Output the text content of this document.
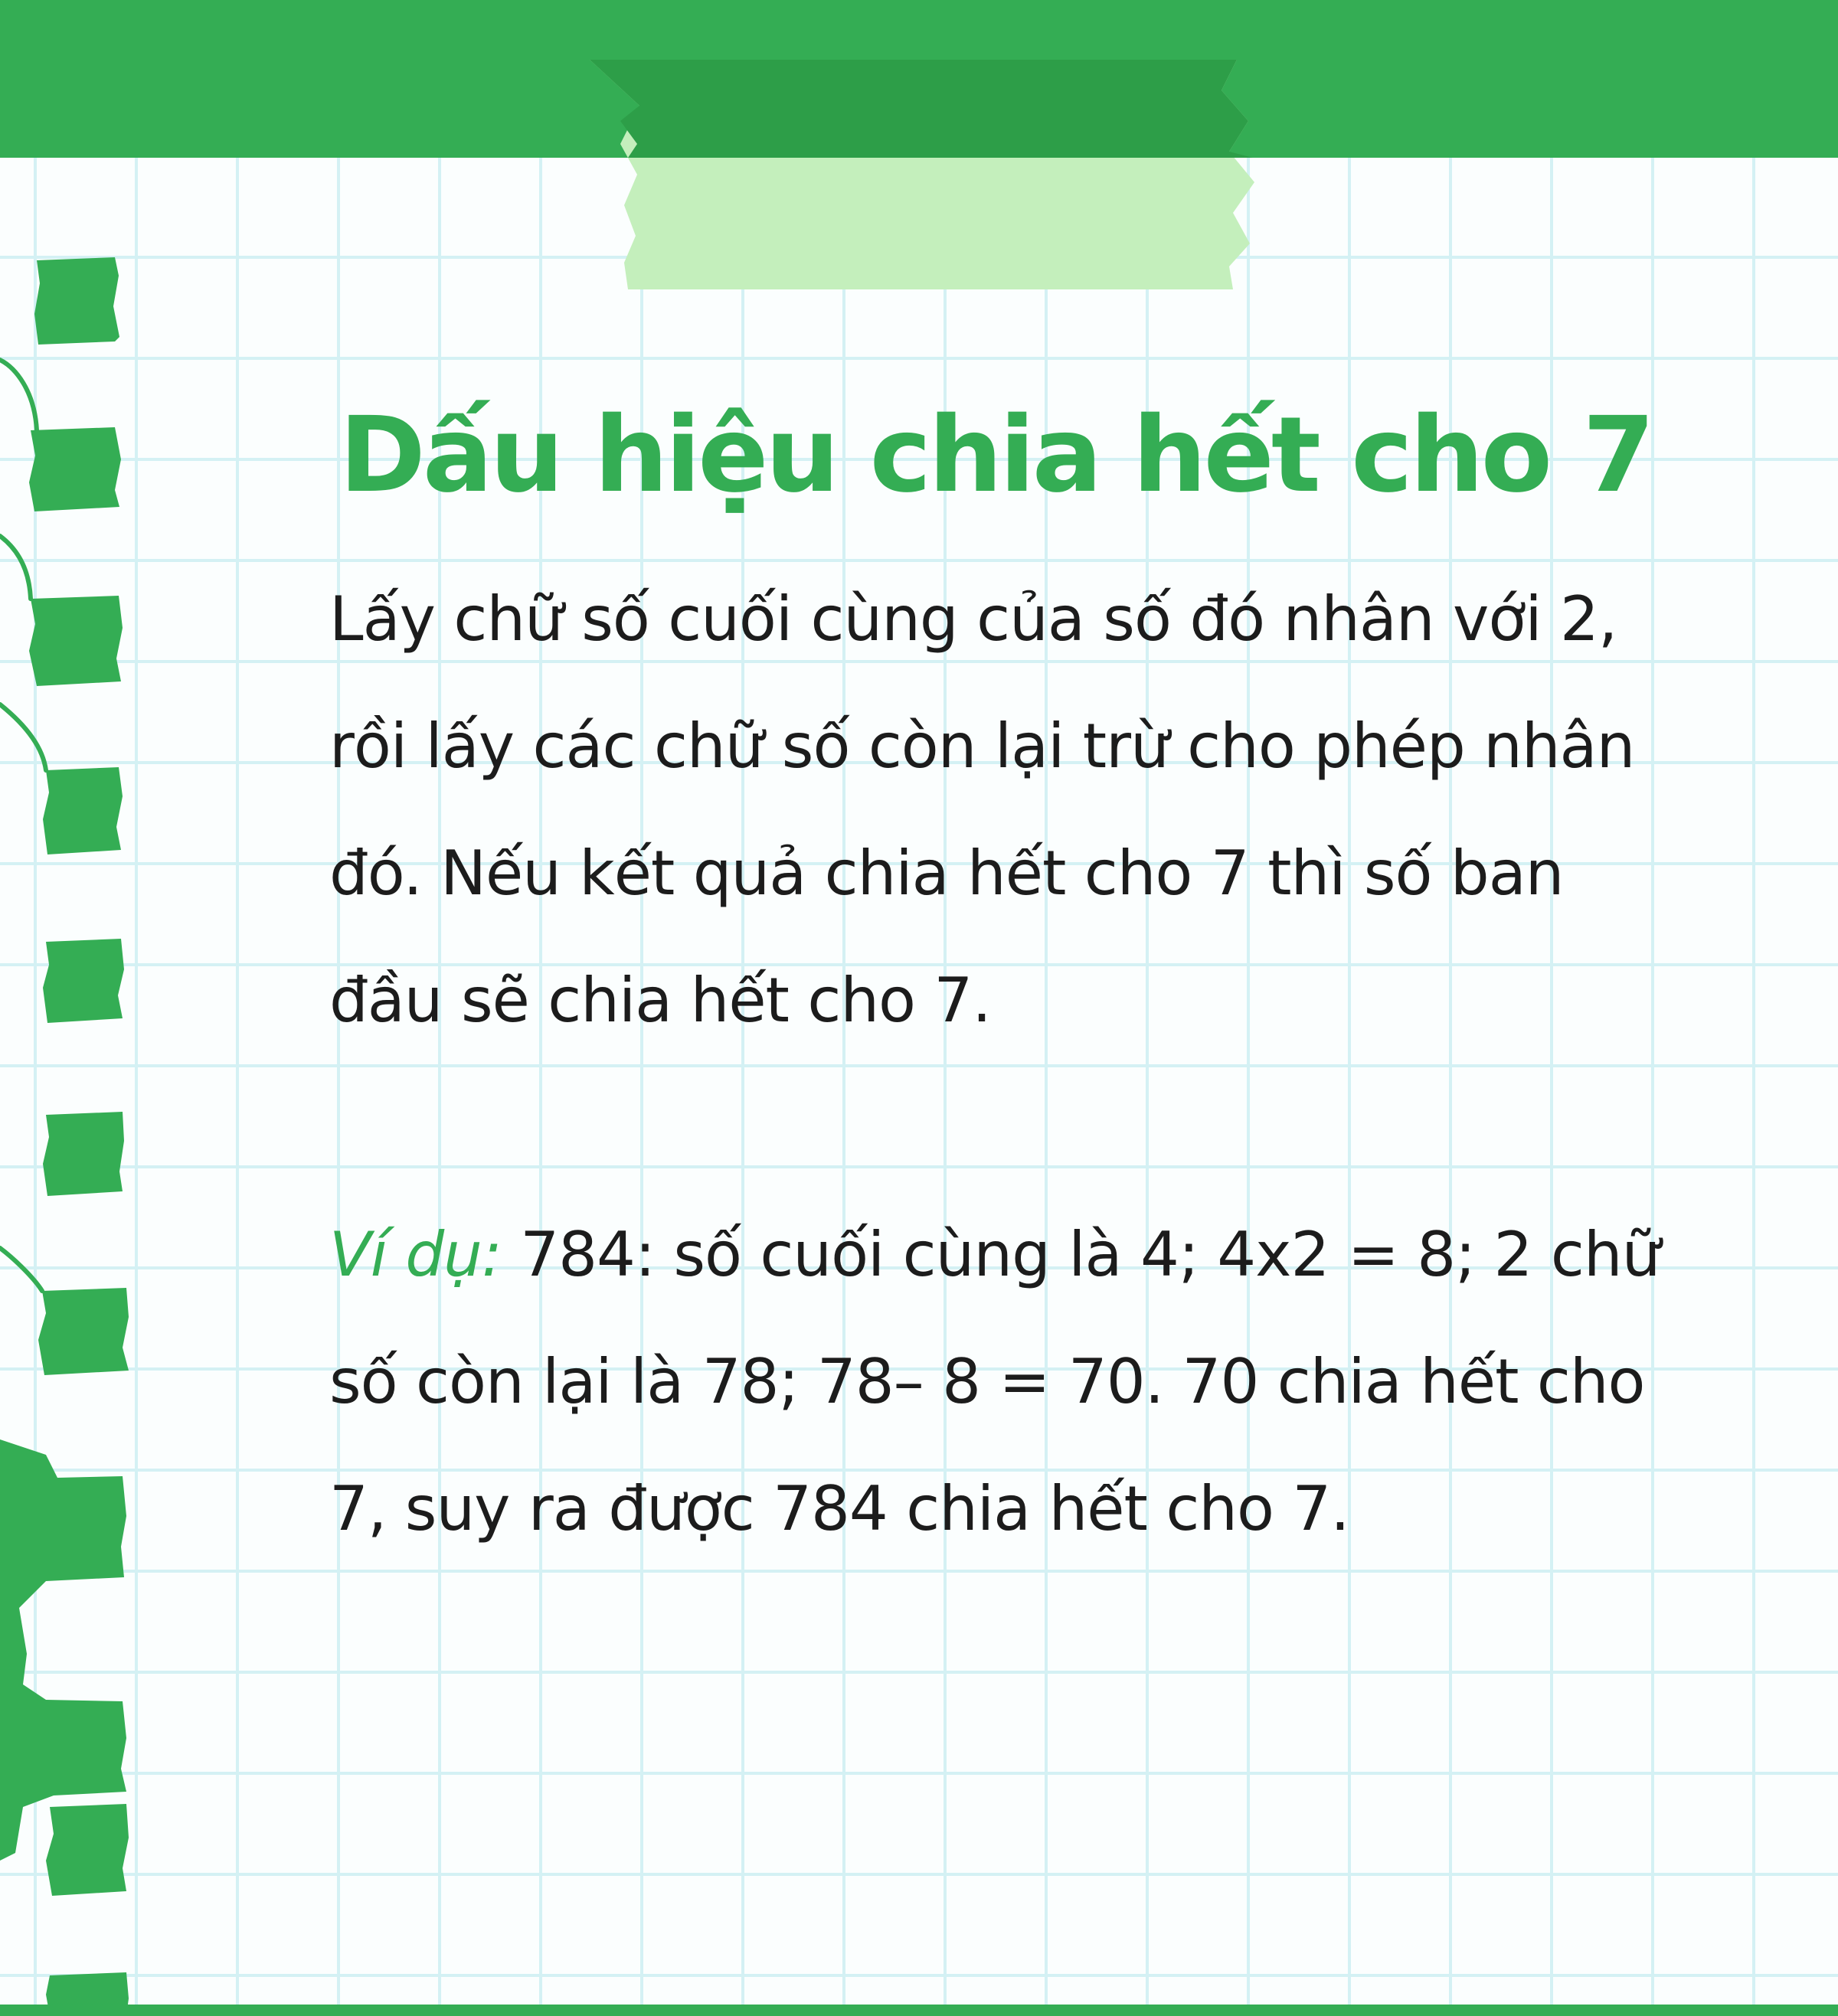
Dấu hiệu chia hết cho 7

Lấy chữ số cuối cùng của số đó nhân với 2, rồi lấy các chữ số còn lại trừ cho phép nhân đó. Nếu kết quả chia hết cho 7 thì số ban đầu sẽ chia hết cho 7.

Ví dụ: 784: số cuối cùng là 4; 4x2 = 8; 2 chữ số còn lại là 78; 78– 8 = 70. 70 chia hết cho 7, suy ra được 784 chia hết cho 7.
